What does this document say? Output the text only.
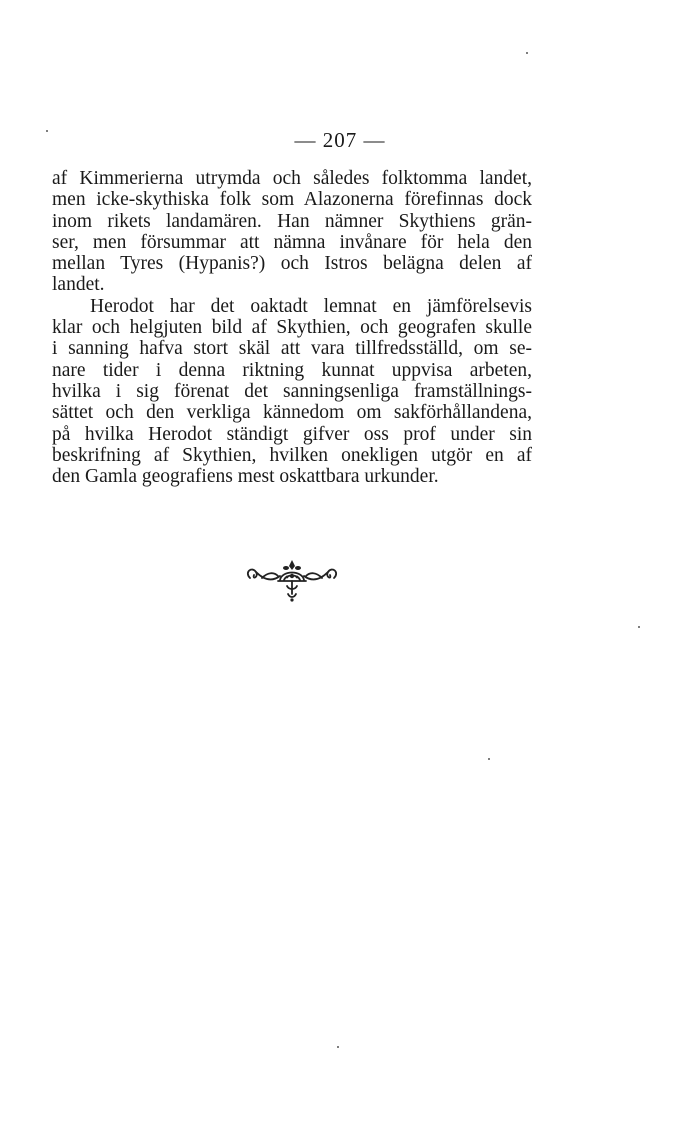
— 207 —
af Kimmerierna utrymda och således folktomma landet,
men icke-skythiska folk som Alazonerna förefinnas dock
inom rikets landamären. Han nämner Skythiens grän-
ser, men försummar att nämna invånare för hela den
mellan Tyres (Hypanis?) och Istros belägna delen af
landet.
Herodot har det oaktadt lemnat en jämförelsevis
klar och helgjuten bild af Skythien, och geografen skulle
i sanning hafva stort skäl att vara tillfredsställd, om se-
nare tider i denna riktning kunnat uppvisa arbeten,
hvilka i sig förenat det sanningsenliga framställnings-
sättet och den verkliga kännedom om sakförhållandena,
på hvilka Herodot ständigt gifver oss prof under sin
beskrifning af Skythien, hvilken onekligen utgör en af
den Gamla geografiens mest oskattbara urkunder.
